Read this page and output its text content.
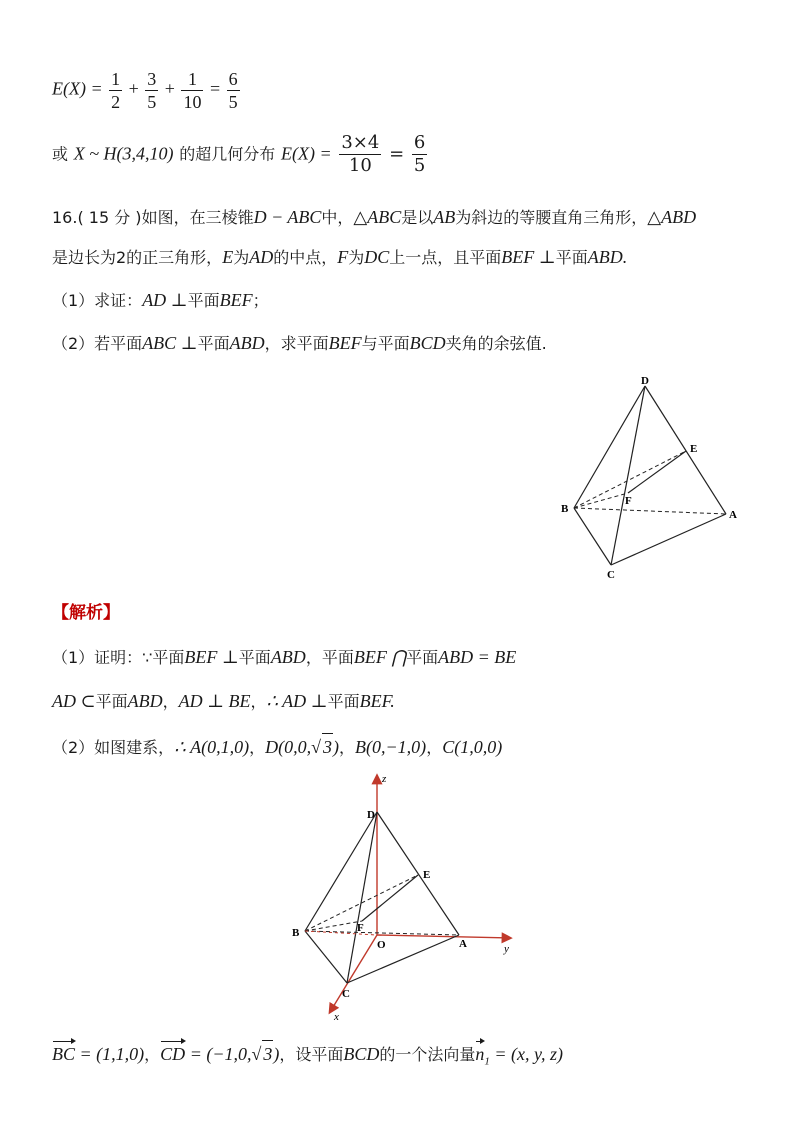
$E(X) = \frac{1}{2} + \frac{3}{5} + \frac{1}{10} = \frac{6}{5}$
或 X ~ H(3,4,10) 的超几何分布 $E(X) = \frac{3\times 4}{10} = \frac{6}{5}$
16.( 15 分 )如图，在三棱锥D − ABC中，△ABC是以AB为斜边的等腰直角三角形，△ABD
是边长为2的正三角形，E为AD的中点，F为DC上一点，且平面BEF ⊥平面ABD.
（1）求证：AD ⊥平面BEF；
（2）若平面ABC ⊥平面ABD，求平面BEF与平面BCD夹角的余弦值.
D
E
F
B	A
C
【解析】
（1）证明：∵平面BEF ⊥平面ABD，平面BEF ⋂平面ABD = BE
AD ⊂平面ABD，AD ⊥ BE，∴ AD ⊥平面BEF.
（2）如图建系，∴ A(0,1,0)，D(0,0,√ 3)，B(0,−1,0)，C(1,0,0)
z
D
E
F
B
O	A	y
C
x
BC = (1,1,0)，CD = (−1,0,√ 3)，设平面BCD的一个法向量$n_1 = (x$, y, z)
